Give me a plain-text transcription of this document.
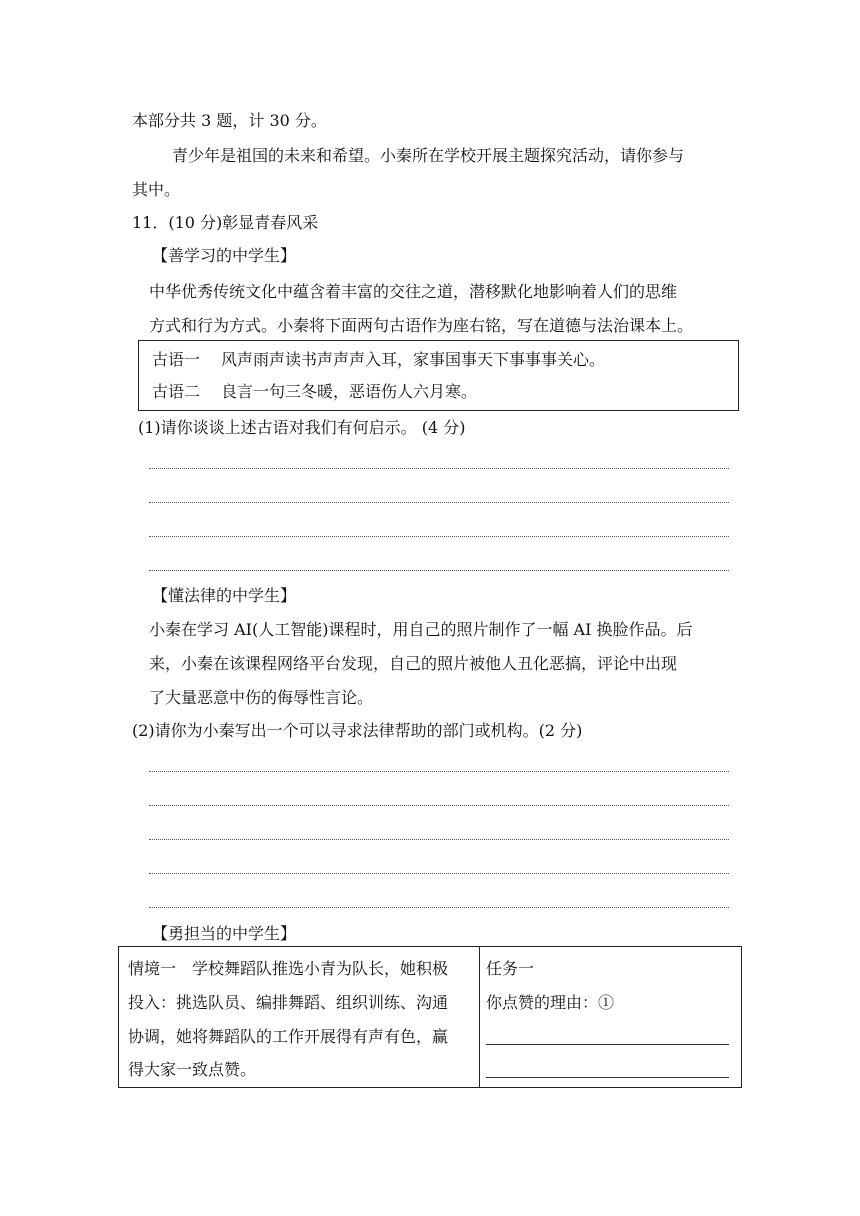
本部分共 3 题，计 30 分。
青少年是祖国的未来和希望。小秦所在学校开展主题探究活动，请你参与
其中。
11．(10 分)彰显青春风采
【善学习的中学生】
中华优秀传统文化中蕴含着丰富的交往之道，潜移默化地影响着人们的思维
方式和行为方式。小秦将下面两句古语作为座右铭，写在道德与法治课本上。
古语一 风声雨声读书声声声入耳，家事国事天下事事事关心。
古语二 良言一句三冬暖，恶语伤人六月寒。
(1)请你谈谈上述古语对我们有何启示。 (4 分)
【懂法律的中学生】
小秦在学习 AI(人工智能)课程时，用自己的照片制作了一幅 AI 换脸作品。后
来，小秦在该课程网络平台发现，自己的照片被他人丑化恶搞，评论中出现
了大量恶意中伤的侮辱性言论。
(2)请你为小秦写出一个可以寻求法律帮助的部门或机构。(2 分)
【勇担当的中学生】
情境一　学校舞蹈队推选小青为队长，她积极
投入：挑选队员、编排舞蹈、组织训练、沟通
协调，她将舞蹈队的工作开展得有声有色，赢
得大家一致点赞。
任务一
你点赞的理由：①
